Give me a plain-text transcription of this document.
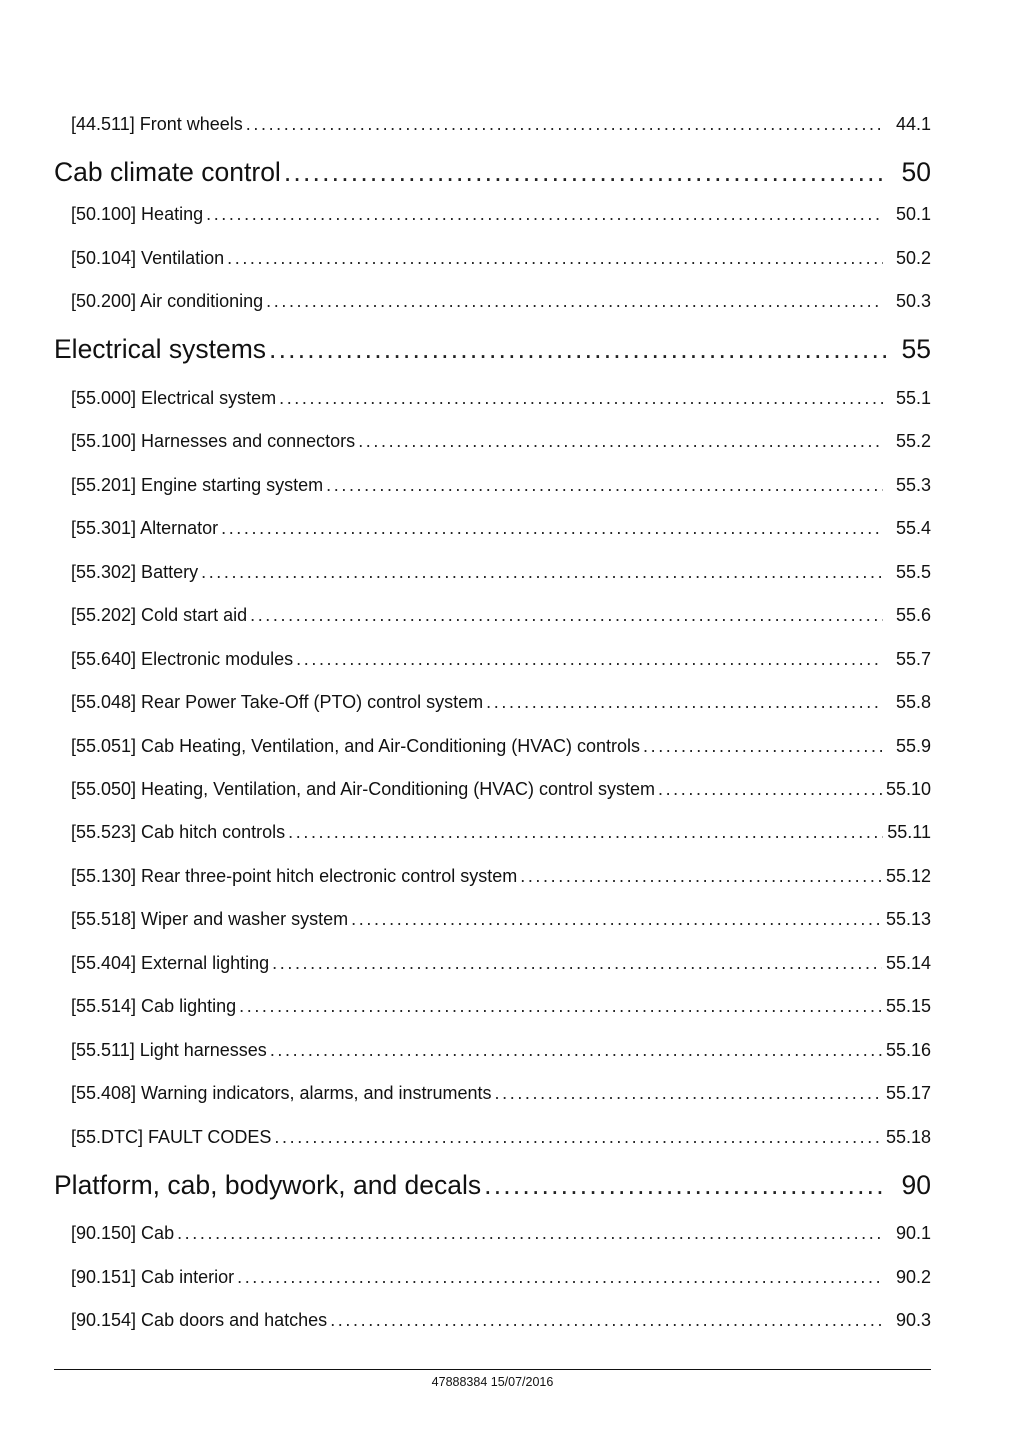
[44.511] Front wheels .....	44.1
Cab climate control .....	50
[50.100] Heating .....	50.1
[50.104] Ventilation .....	50.2
[50.200] Air conditioning .....	50.3
Electrical systems .....	55
[55.000] Electrical system .....	55.1
[55.100] Harnesses and connectors .....	55.2
[55.201] Engine starting system .....	55.3
[55.301] Alternator .....	55.4
[55.302] Battery .....	55.5
[55.202] Cold start aid .....	55.6
[55.640] Electronic modules .....	55.7
[55.048] Rear Power Take-Off (PTO) control system .....	55.8
[55.051] Cab Heating, Ventilation, and Air-Conditioning (HVAC) controls .....	55.9
[55.050] Heating, Ventilation, and Air-Conditioning (HVAC) control system .....	55.10
[55.523] Cab hitch controls .....	55.11
[55.130] Rear three-point hitch electronic control system .....	55.12
[55.518] Wiper and washer system .....	55.13
[55.404] External lighting .....	55.14
[55.514] Cab lighting .....	55.15
[55.511] Light harnesses .....	55.16
[55.408] Warning indicators, alarms, and instruments .....	55.17
[55.DTC] FAULT CODES .....	55.18
Platform, cab, bodywork, and decals .....	90
[90.150] Cab .....	90.1
[90.151] Cab interior .....	90.2
[90.154] Cab doors and hatches .....	90.3
47888384 15/07/2016
